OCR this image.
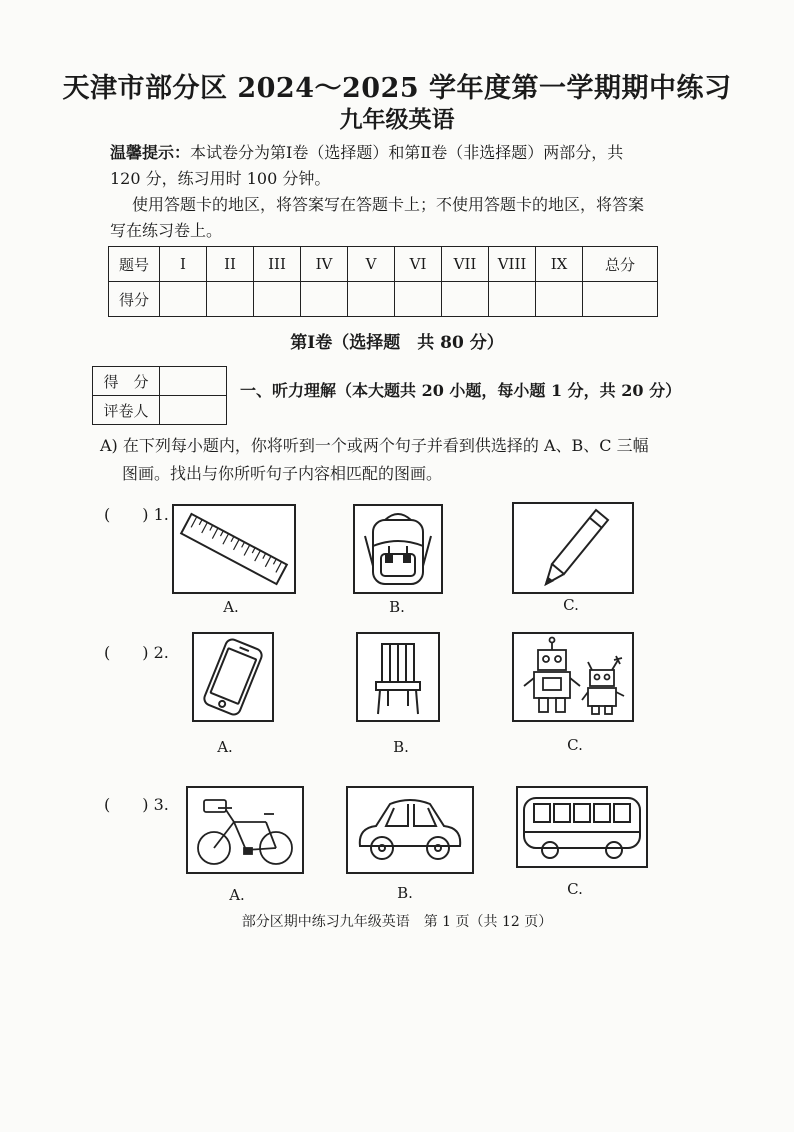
天津市部分区 2024～2025 学年度第一学期期中练习
九年级英语
温馨提示：本试卷分为第Ⅰ卷（选择题）和第Ⅱ卷（非选择题）两部分，共
120 分，练习用时 100 分钟。
使用答题卡的地区，将答案写在答题卡上；不使用答题卡的地区，将答案
写在练习卷上。
题号	I	II	III	IV	V	VI	VII	VIII	IX	总分
得分										
第Ⅰ卷（选择题　共 80 分）
得　分	
评卷人	
一、听力理解（本大题共 20 小题，每小题 1 分，共 20 分）
A) 在下列每小题内，你将听到一个或两个句子并看到供选择的 A、B、C 三幅
图画。找出与你所听句子内容相匹配的图画。
(　　) 1.
A.	B.	C.
(　　) 2.
A.	B.	C.
(　　) 3.
A.	B.	C.
部分区期中练习九年级英语　第 1 页（共 12 页）
